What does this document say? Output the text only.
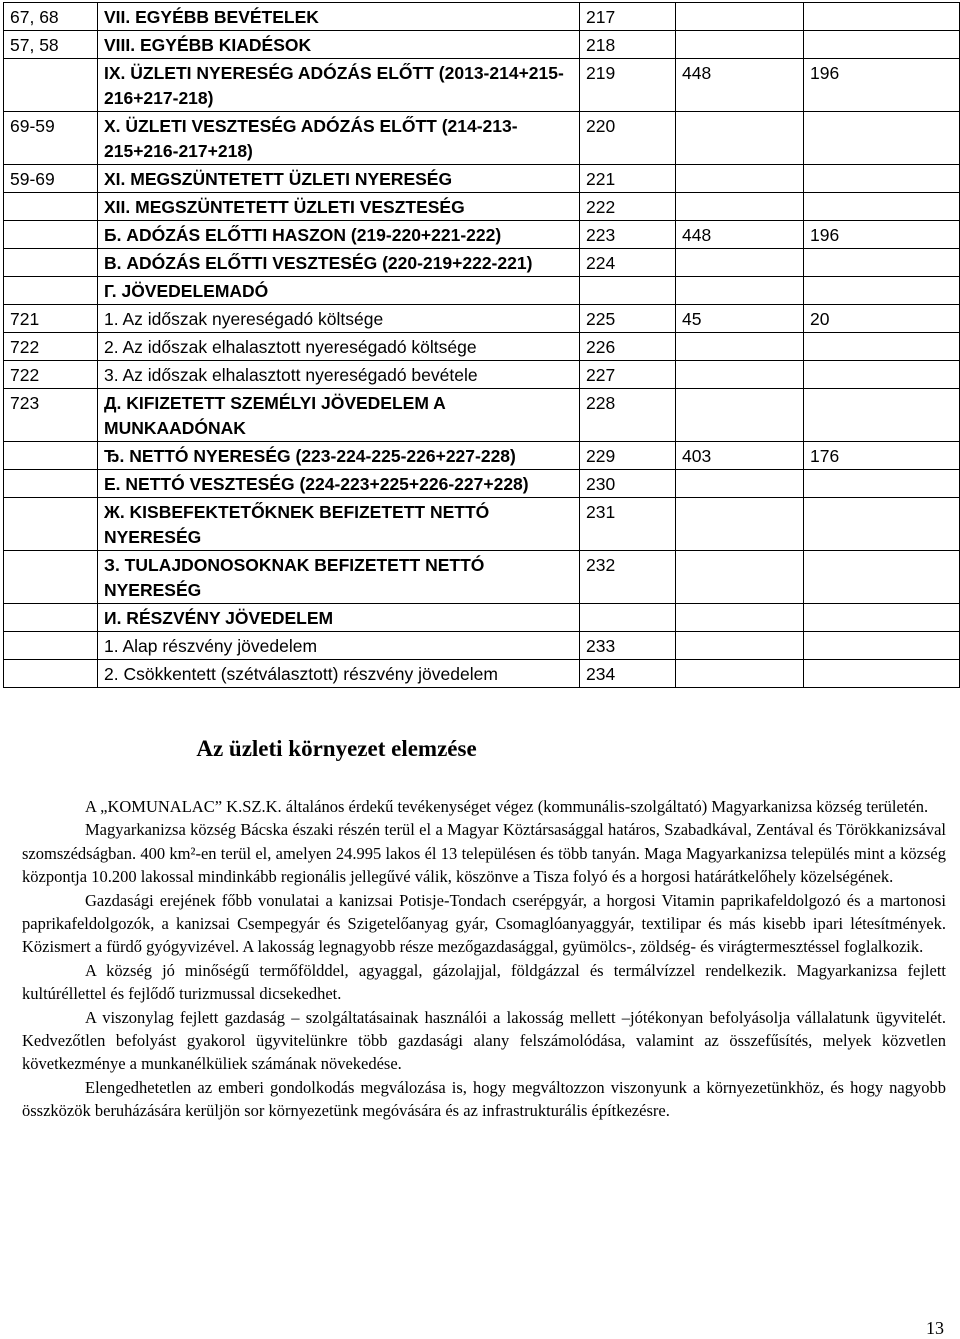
67, 68	VII. EGYÉBB BEVÉTELEK	217		
57, 58	VIII. EGYÉBB KIADÉSOK	218		
	IX. ÜZLETI NYERESÉG ADÓZÁS ELŐTT (2013-214+215-216+217-218)	219	448	196
69-59	X. ÜZLETI VESZTESÉG ADÓZÁS ELŐTT (214-213-215+216-217+218)	220		
59-69	XI. MEGSZÜNTETETT ÜZLETI NYERESÉG	221		
	XII. MEGSZÜNTETETT ÜZLETI VESZTESÉG	222		
	Б. ADÓZÁS ELŐTTI HASZON (219-220+221-222)	223	448	196
	В. ADÓZÁS ELŐTTI VESZTESÉG (220-219+222-221)	224		
	Г. JÖVEDELEMADÓ			
721	1. Az időszak nyereségadó költsége	225	45	20
722	2. Az időszak elhalasztott nyereségadó költsége	226		
722	3. Az időszak elhalasztott nyereségadó bevétele	227		
723	Д. KIFIZETETT SZEMÉLYI JÖVEDELEM A MUNKAADÓNAK	228		
	Ђ. NETTÓ NYERESÉG (223-224-225-226+227-228)	229	403	176
	Е. NETTÓ VESZTESÉG (224-223+225+226-227+228)	230		
	Ж. KISBEFEKTETŐKNEK BEFIZETETT NETTÓ NYERESÉG	231		
	З. TULAJDONOSOKNAK BEFIZETETT NETTÓ NYERESÉG	232		
	И. RÉSZVÉNY JÖVEDELEM			
	1. Alap részvény jövedelem	233		
	2. Csökkentett (szétválasztott) részvény jövedelem	234		
Az üzleti környezet elemzése

A „KOMUNALAC” K.SZ.K. általános érdekű tevékenységet végez (kommunális-szolgáltató) Magyarkanizsa község területén.

Magyarkanizsa község Bácska északi részén terül el a Magyar Köztársasággal határos, Szabadkával, Zentával és Törökkanizsával szomszédságban. 400 km²-en terül el, amelyen 24.995 lakos él 13 településen és több tanyán. Maga Magyarkanizsa település mint a község központja 10.200 lakossal mindinkább regionális jellegűvé válik, köszönve a Tisza folyó és a horgosi határátkelőhely közelségének.

Gazdasági erejének főbb vonulatai a kanizsai Potisje-Tondach cserépgyár, a horgosi Vitamin paprikafeldolgozó és a martonosi paprikafeldolgozók, a kanizsai Csempegyár és Szigetelőanyag gyár, Csomaglóanyaggyár, textilipar és más kisebb ipari létesítmények. Közismert a fürdő gyógyvizével. A lakosság legnagyobb része mezőgazdasággal, gyümölcs-, zöldség- és virágtermesztéssel foglalkozik.

A község jó minőségű termőfölddel, agyaggal, gázolajjal, földgázzal és termálvízzel rendelkezik. Magyarkanizsa fejlett kultúréllettel és fejlődő turizmussal dicsekedhet.

A viszonylag fejlett gazdaság – szolgáltatásainak használói a lakosság mellett –jótékonyan befolyásolja vállalatunk ügyvitelét. Kedvezőtlen befolyást gyakorol ügyvitelünkre több gazdasági alany felszámolódása, valamint az összefűsítés, melyek közvetlen következménye a munkanélküliek számának növekedése.

Elengedhetetlen az emberi gondolkodás megválozása is, hogy megváltozzon viszonyunk a környezetünkhöz, és hogy nagyobb összközök beruházására kerüljön sor környezetünk megóvására és az infrastrukturális építkezésre.

13
